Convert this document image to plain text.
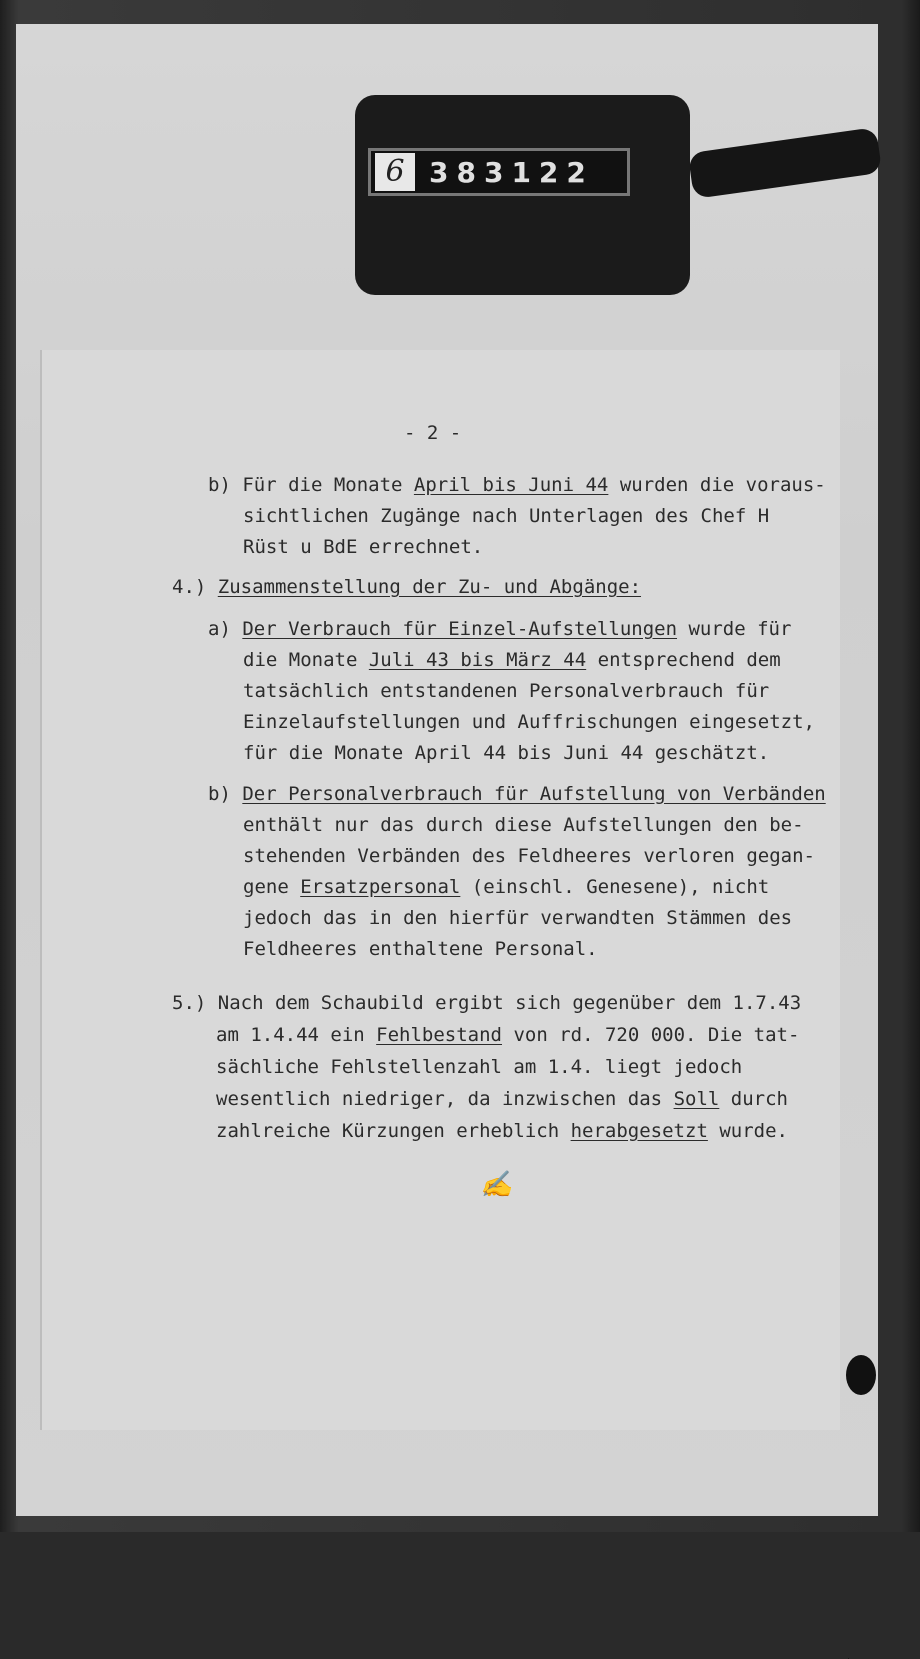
6 383122
- 2 -
b) Für die Monate April bis Juni 44 wurden die voraus-
sichtlichen Zugänge nach Unterlagen des Chef H
Rüst u BdE errechnet.
4.) Zusammenstellung der Zu- und Abgänge:
a) Der Verbrauch für Einzel-Aufstellungen wurde für
die Monate Juli 43 bis März 44 entsprechend dem
tatsächlich entstandenen Personalverbrauch für
Einzelaufstellungen und Auffrischungen eingesetzt,
für die Monate April 44 bis Juni 44 geschätzt.
b) Der Personalverbrauch für Aufstellung von Verbänden
enthält nur das durch diese Aufstellungen den be-
stehenden Verbänden des Feldheeres verloren gegan-
gene Ersatzpersonal (einschl. Genesene), nicht
jedoch das in den hierfür verwandten Stämmen des
Feldheeres enthaltene Personal.
5.) Nach dem Schaubild ergibt sich gegenüber dem 1.7.43
am 1.4.44 ein Fehlbestand von rd. 720 000. Die tat-
sächliche Fehlstellenzahl am 1.4. liegt jedoch
wesentlich niedriger, da inzwischen das Soll durch
zahlreiche Kürzungen erheblich herabgesetzt wurde.
✍
